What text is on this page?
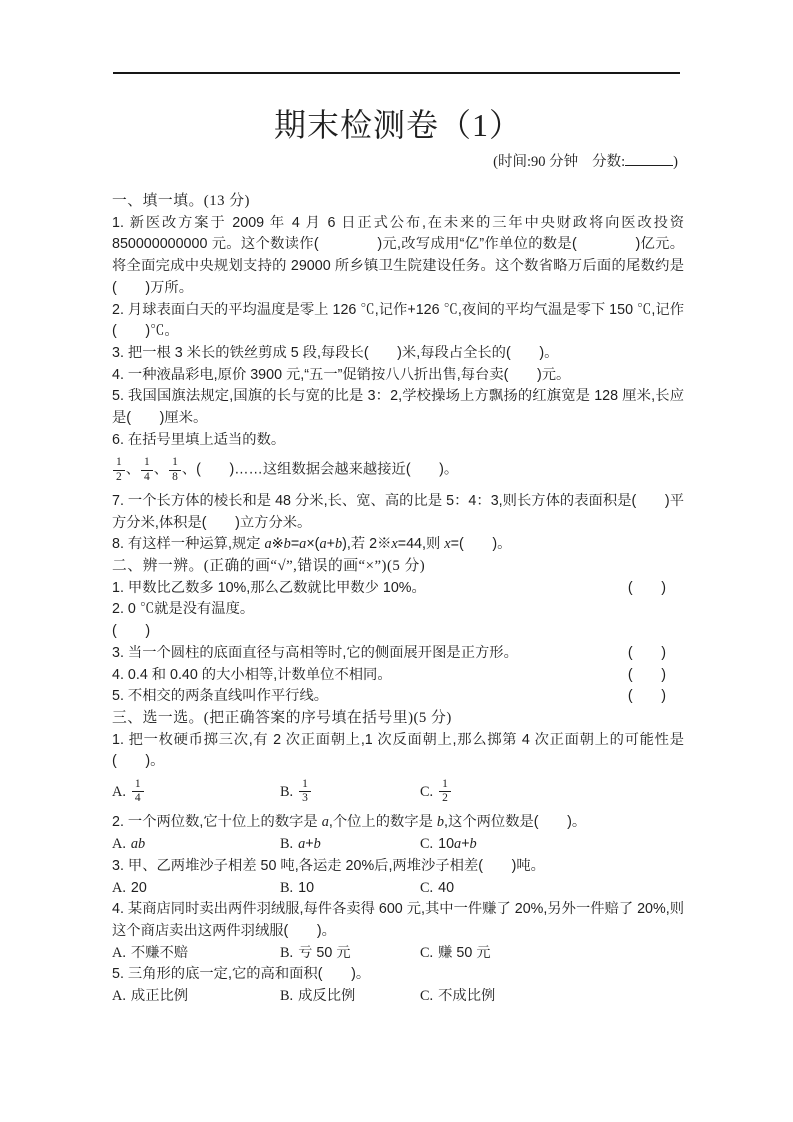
期末检测卷（1）

(时间:90 分钟 分数:	)

一、填一填。(13 分)

1. 新医改方案于 2009 年 4 月 6 日正式公布,在未来的三年中央财政将向医改投资 850000000000 元。这个数读作(　　　　)元,改写成用“亿”作单位的数是(　　　　)亿元。将全面完成中央规划支持的 29000 所乡镇卫生院建设任务。这个数省略万后面的尾数约是(　　)万所。

2. 月球表面白天的平均温度是零上 126 ℃,记作+126 ℃,夜间的平均气温是零下 150 ℃,记作(　　)℃。

3. 把一根 3 米长的铁丝剪成 5 段,每段长(　　)米,每段占全长的(　　)。

4. 一种液晶彩电,原价 3900 元,“五一”促销按八八折出售,每台卖(　　)元。

5. 我国国旗法规定,国旗的长与宽的比是 3：2,学校操场上方飘扬的红旗宽是 128 厘米,长应是(　　)厘米。

6. 在括号里填上适当的数。

$\frac{1}{2}$ 、 $\frac{1}{4}$ 、 $\frac{1}{8}$ 、(　　)……这组数据会越来越接近(　　)。

7. 一个长方体的棱长和是 48 分米,长、宽、高的比是 5：4：3,则长方体的表面积是(　　)平方分米,体积是(　　)立方分米。

8. 有这样一种运算,规定 a※b=a×(a+b),若 2※x=44,则 x=(　　)。

二、辨一辨。(正确的画“√”,错误的画“×”)(5 分)

1. 甲数比乙数多 10%,那么乙数就比甲数少 10%。	(　　)

2. 0 ℃就是没有温度。

(　　)

3. 当一个圆柱的底面直径与高相等时,它的侧面展开图是正方形。	(　　)
4. 0.4 和 0.40 的大小相等,计数单位不相同。	(　　)
5. 不相交的两条直线叫作平行线。	(　　)

三、选一选。(把正确答案的序号填在括号里)(5 分)

1. 把一枚硬币掷三次,有 2 次正面朝上,1 次反面朝上,那么掷第 4 次正面朝上的可能性是(　　)。

A. $\frac{1}{4}$	B. $\frac{1}{3}$	C. $\frac{1}{2}$

2. 一个两位数,它十位上的数字是 a,个位上的数字是 b,这个两位数是(　　)。

A. ab	B. a+b	C. 10a+b

3. 甲、乙两堆沙子相差 50 吨,各运走 20%后,两堆沙子相差(　　)吨。

A. 20	B. 10	C. 40

4. 某商店同时卖出两件羽绒服,每件各卖得 600 元,其中一件赚了 20%,另外一件赔了 20%,则这个商店卖出这两件羽绒服(　　)。

A. 不赚不赔	B. 亏 50 元	C. 赚 50 元

5. 三角形的底一定,它的高和面积(　　)。

A. 成正比例	B. 成反比例	C. 不成比例
